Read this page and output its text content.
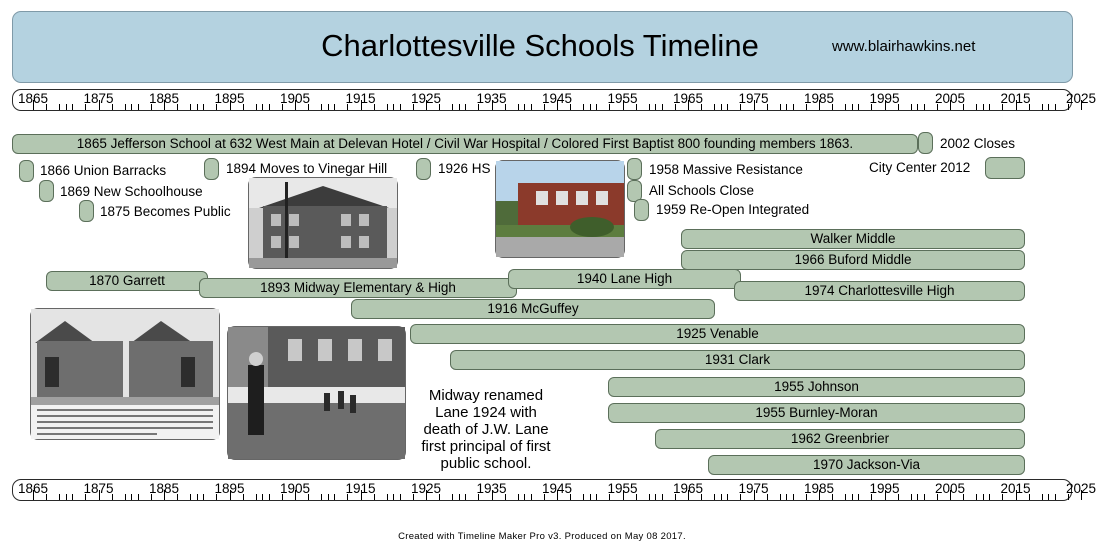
Charlottesville Schools Timeline	www.blairhawkins.net
1865	1875	1885	1895	1905	1915	1925	1935	1945	1955	1965	1975	1985	1995	2005	2015	2025
1865	1875	1885	1895	1905	1915	1925	1935	1945	1955	1965	1975	1985	1995	2005	2015	2025
1865 Jefferson School at 632 West Main at Delevan Hotel / Civil War Hospital / Colored First Baptist 800 founding members 1863.
Walker Middle
1966 Buford Middle
1870 Garrett	1893 Midway Elementary & High
1940 Lane High
1974 Charlottesville High
1916 McGuffey
1925 Venable
1931 Clark
1955 Johnson
1955 Burnley-Moran
1962 Greenbrier
1970 Jackson-Via
2002 Closes
1866 Union Barracks	1894 Moves to Vinegar Hill	1926 HS	1958 Massive Resistance	City Center 2012
1869 New Schoolhouse	All Schools Close
1875 Becomes Public	1959 Re-Open Integrated
Midway renamed Lane 1924 with death of J.W. Lane first principal of first public school.
Created with Timeline Maker Pro v3. Produced on May 08 2017.
